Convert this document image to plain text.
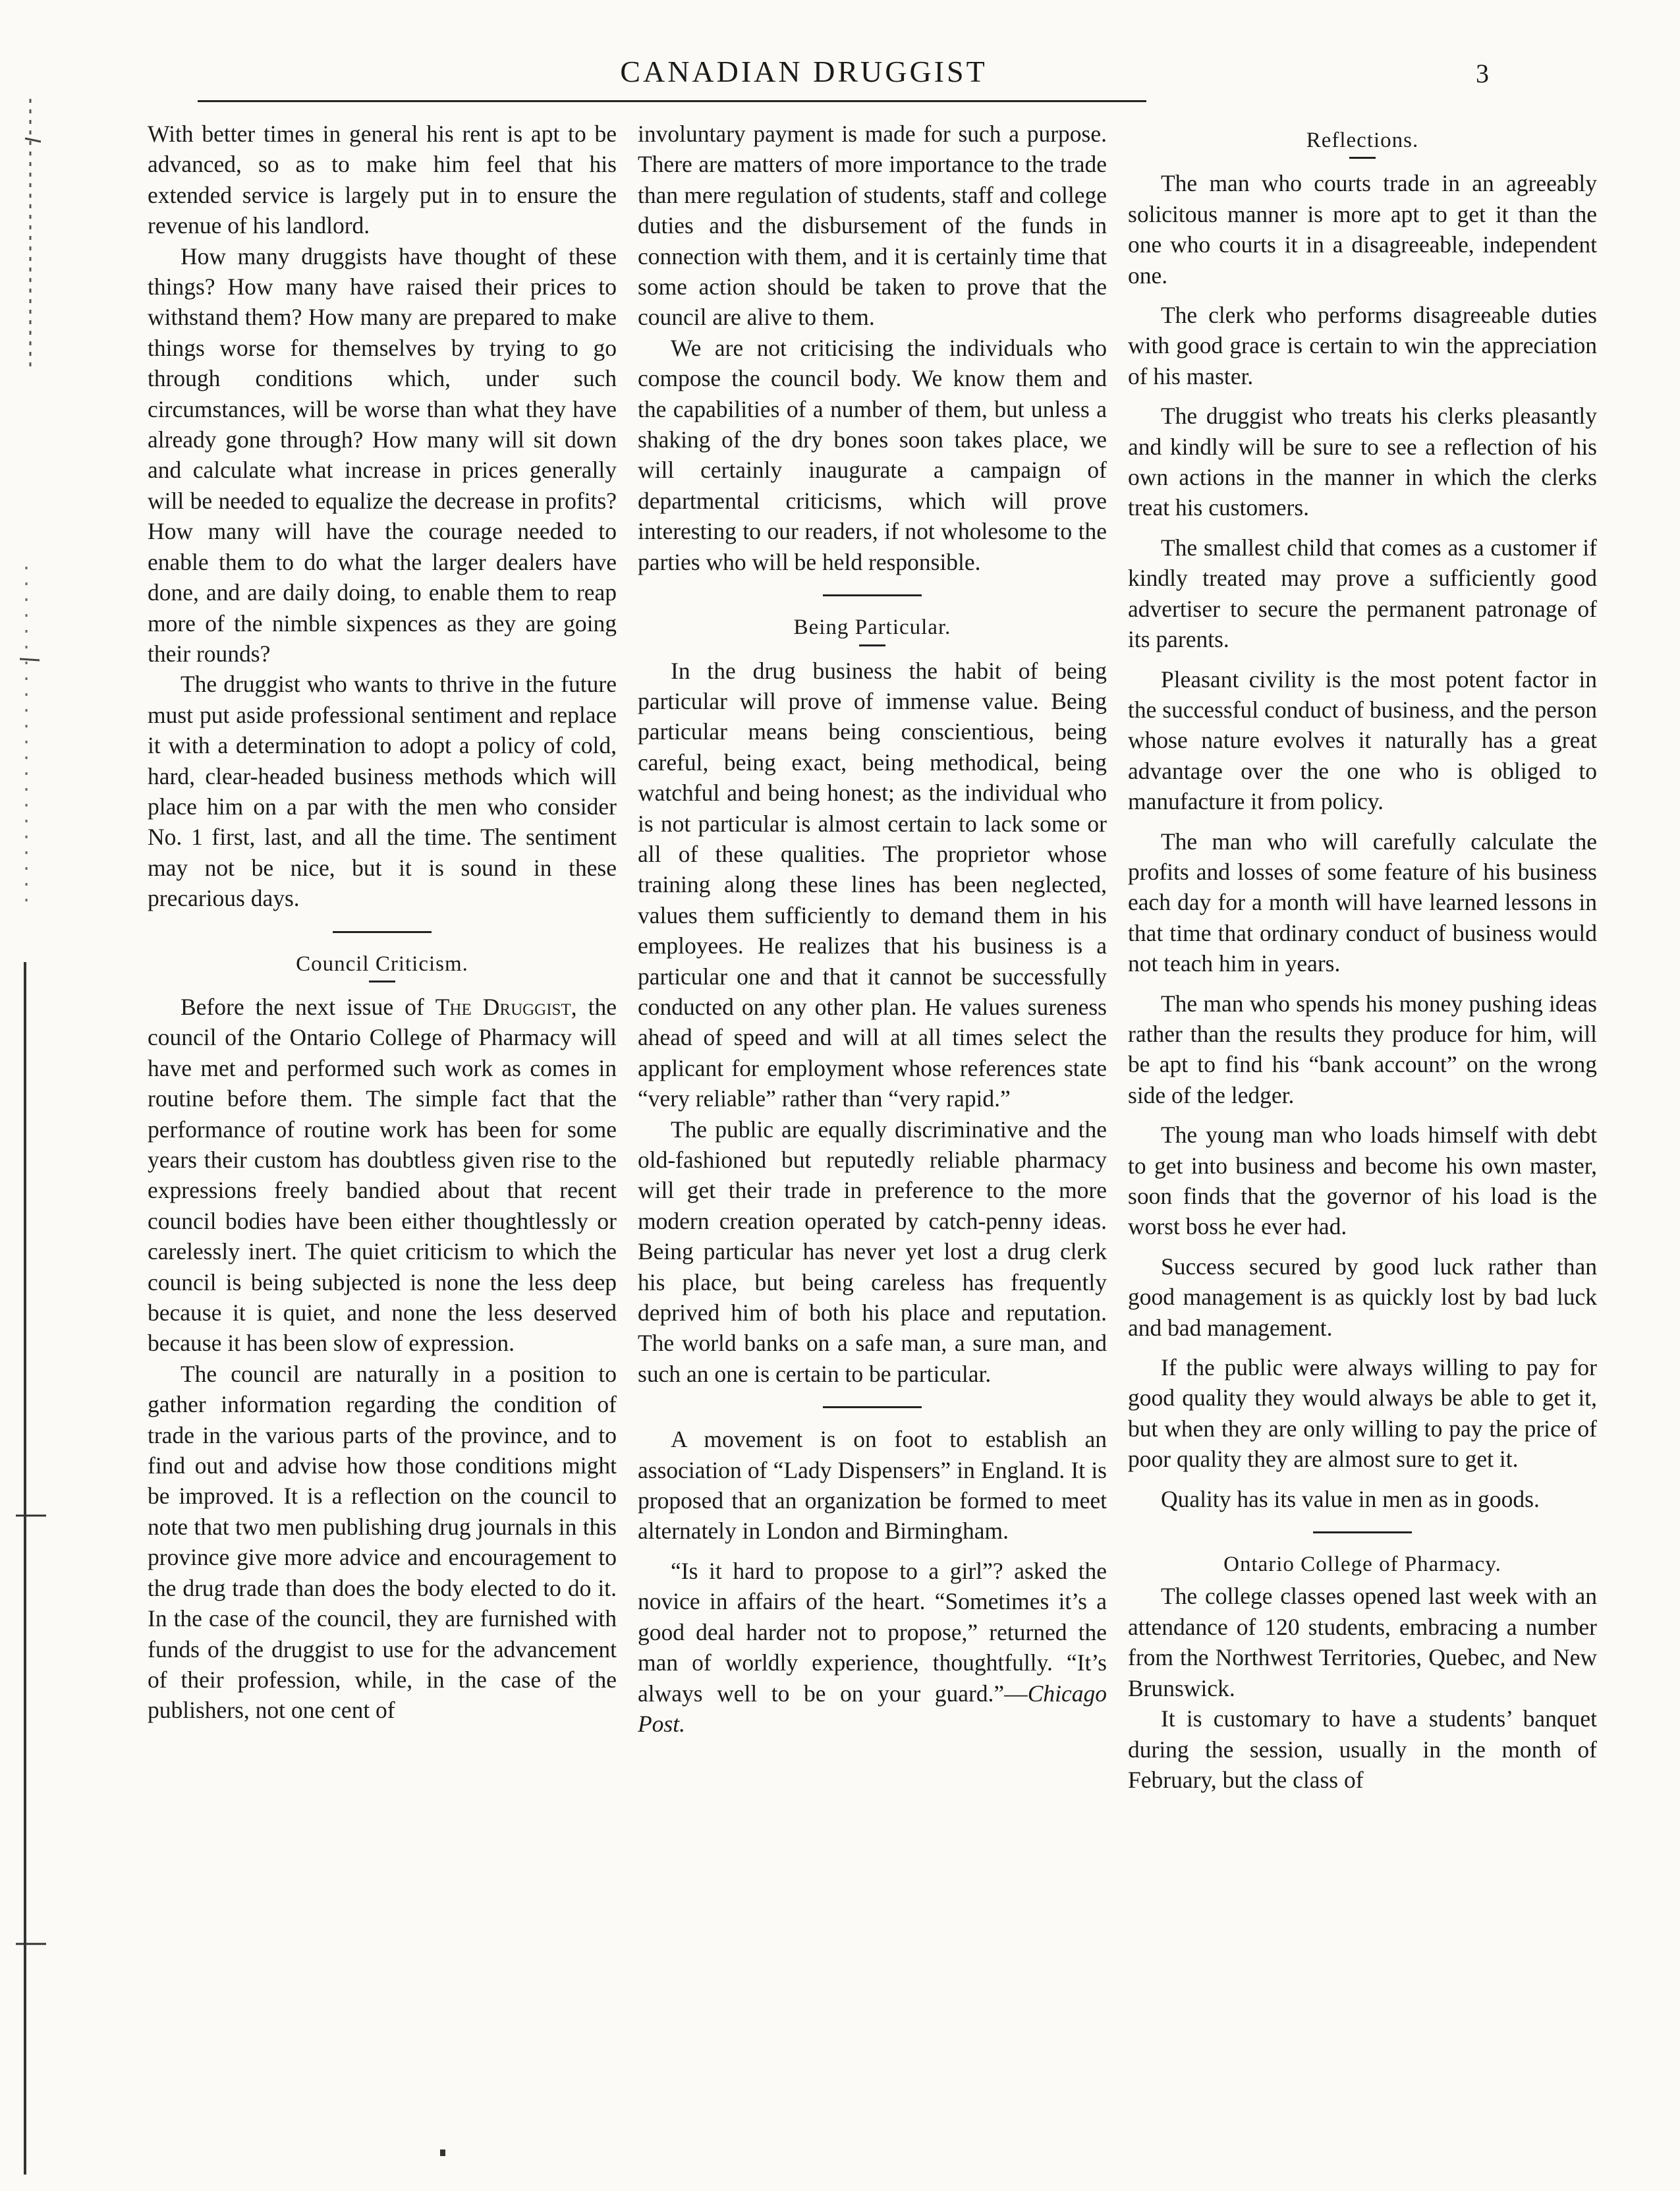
CANADIAN DRUGGIST	3

With better times in general his rent is apt to be advanced, so as to make him feel that his extended service is largely put in to ensure the revenue of his landlord.

How many druggists have thought of these things? How many have raised their prices to withstand them? How many are prepared to make things worse for themselves by trying to go through conditions which, under such circumstances, will be worse than what they have already gone through? How many will sit down and calculate what increase in prices generally will be needed to equalize the decrease in profits? How many will have the courage needed to enable them to do what the larger dealers have done, and are daily doing, to enable them to reap more of the nimble sixpences as they are going their rounds?

The druggist who wants to thrive in the future must put aside professional sentiment and replace it with a determination to adopt a policy of cold, hard, clear-headed business methods which will place him on a par with the men who consider No. 1 first, last, and all the time. The sentiment may not be nice, but it is sound in these precarious days.

Council Criticism.

Before the next issue of The Druggist, the council of the Ontario College of Pharmacy will have met and performed such work as comes in routine before them. The simple fact that the performance of routine work has been for some years their custom has doubtless given rise to the expressions freely bandied about that recent council bodies have been either thoughtlessly or carelessly inert. The quiet criticism to which the council is being subjected is none the less deep because it is quiet, and none the less deserved because it has been slow of expression.

The council are naturally in a position to gather information regarding the condition of trade in the various parts of the province, and to find out and advise how those conditions might be improved. It is a reflection on the council to note that two men publishing drug journals in this province give more advice and encouragement to the drug trade than does the body elected to do it. In the case of the council, they are furnished with funds of the druggist to use for the advancement of their profession, while, in the case of the publishers, not one cent of

involuntary payment is made for such a purpose. There are matters of more importance to the trade than mere regulation of students, staff and college duties and the disbursement of the funds in connection with them, and it is certainly time that some action should be taken to prove that the council are alive to them.

We are not criticising the individuals who compose the council body. We know them and the capabilities of a number of them, but unless a shaking of the dry bones soon takes place, we will certainly inaugurate a campaign of departmental criticisms, which will prove interesting to our readers, if not wholesome to the parties who will be held responsible.

Being Particular.

In the drug business the habit of being particular will prove of immense value. Being particular means being conscientious, being careful, being exact, being methodical, being watchful and being honest; as the individual who is not particular is almost certain to lack some or all of these qualities. The proprietor whose training along these lines has been neglected, values them sufficiently to demand them in his employees. He realizes that his business is a particular one and that it cannot be successfully conducted on any other plan. He values sureness ahead of speed and will at all times select the applicant for employment whose references state “very reliable” rather than “very rapid.”

The public are equally discriminative and the old-fashioned but reputedly reliable pharmacy will get their trade in preference to the more modern creation operated by catch-penny ideas. Being particular has never yet lost a drug clerk his place, but being careless has frequently deprived him of both his place and reputation. The world banks on a safe man, a sure man, and such an one is certain to be particular.

A movement is on foot to establish an association of “Lady Dispensers” in England. It is proposed that an organization be formed to meet alternately in London and Birmingham.

“Is it hard to propose to a girl”? asked the novice in affairs of the heart. “Sometimes it’s a good deal harder not to propose,” returned the man of worldly experience, thoughtfully. “It’s always well to be on your guard.”—Chicago Post.

Reflections.

The man who courts trade in an agreeably solicitous manner is more apt to get it than the one who courts it in a disagreeable, independent one.

The clerk who performs disagreeable duties with good grace is certain to win the appreciation of his master.

The druggist who treats his clerks pleasantly and kindly will be sure to see a reflection of his own actions in the manner in which the clerks treat his customers.

The smallest child that comes as a customer if kindly treated may prove a sufficiently good advertiser to secure the permanent patronage of its parents.

Pleasant civility is the most potent factor in the successful conduct of business, and the person whose nature evolves it naturally has a great advantage over the one who is obliged to manufacture it from policy.

The man who will carefully calculate the profits and losses of some feature of his business each day for a month will have learned lessons in that time that ordinary conduct of business would not teach him in years.

The man who spends his money pushing ideas rather than the results they produce for him, will be apt to find his “bank account” on the wrong side of the ledger.

The young man who loads himself with debt to get into business and become his own master, soon finds that the governor of his load is the worst boss he ever had.

Success secured by good luck rather than good management is as quickly lost by bad luck and bad management.

If the public were always willing to pay for good quality they would always be able to get it, but when they are only willing to pay the price of poor quality they are almost sure to get it.

Quality has its value in men as in goods.

Ontario College of Pharmacy.

The college classes opened last week with an attendance of 120 students, embracing a number from the Northwest Territories, Quebec, and New Brunswick.

It is customary to have a students’ banquet during the session, usually in the month of February, but the class of
